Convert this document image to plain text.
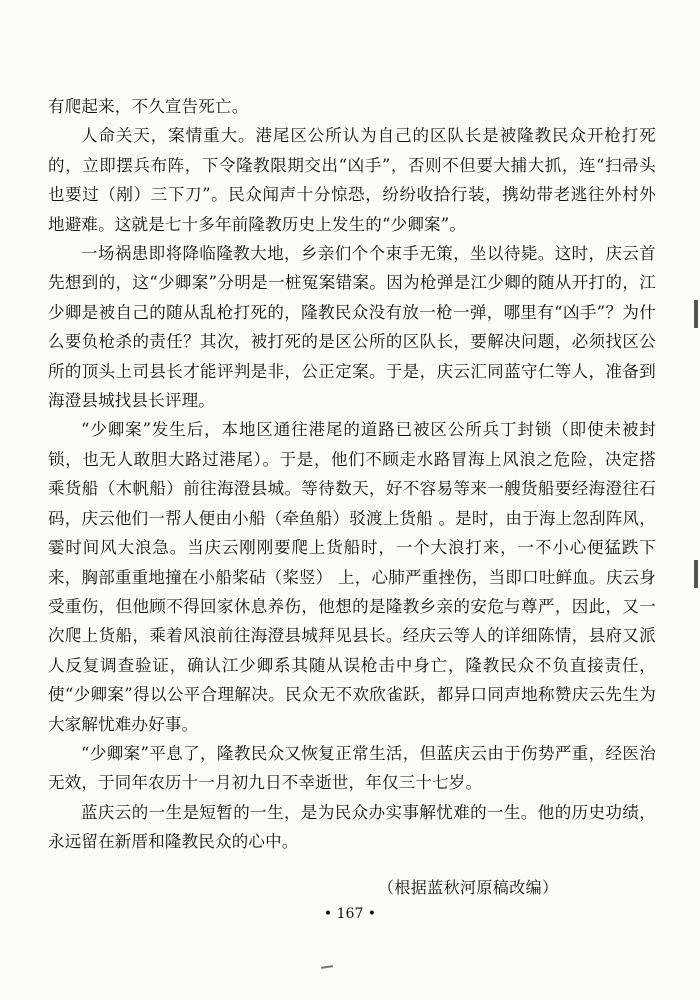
有爬起来，不久宣告死亡。

人命关天，案情重大。港尾区公所认为自己的区队长是被隆教民众开枪打死的，立即摆兵布阵，下令隆教限期交出“凶手”，否则不但要大捕大抓，连“扫帚头也要过（剐）三下刀”。民众闻声十分惊恐，纷纷收拾行装，携幼带老逃往外村外地避难。这就是七十多年前隆教历史上发生的“少卿案”。

一场祸患即将降临隆教大地，乡亲们个个束手无策，坐以待毙。这时，庆云首先想到的，这“少卿案”分明是一桩冤案错案。因为枪弹是江少卿的随从开打的，江少卿是被自己的随从乱枪打死的，隆教民众没有放一枪一弹，哪里有“凶手”？为什么要负枪杀的责任？其次，被打死的是区公所的区队长，要解决问题，必须找区公所的顶头上司县长才能评判是非，公正定案。于是，庆云汇同蓝守仁等人，准备到海澄县城找县长评理。

“少卿案”发生后，本地区通往港尾的道路已被区公所兵丁封锁（即使未被封锁，也无人敢胆大路过港尾）。于是，他们不顾走水路冒海上风浪之危险，决定搭乘货船（木帆船）前往海澄县城。等待数天，好不容易等来一艘货船要经海澄往石码，庆云他们一帮人便由小船（牵鱼船）驳渡上货船 。是时，由于海上忽刮阵风，霎时间风大浪急。当庆云刚刚要爬上货船时，一个大浪打来，一不小心便猛跌下来，胸部重重地撞在小船桨砧（桨竖） 上，心肺严重挫伤，当即口吐鲜血。庆云身受重伤，但他顾不得回家休息养伤，他想的是隆教乡亲的安危与尊严，因此，又一次爬上货船，乘着风浪前往海澄县城拜见县长。经庆云等人的详细陈情，县府又派人反复调查验证，确认江少卿系其随从误枪击中身亡，隆教民众不负直接责任，使“少卿案”得以公平合理解决。民众无不欢欣雀跃，都异口同声地称赞庆云先生为大家解忧难办好事。

“少卿案”平息了，隆教民众又恢复正常生活，但蓝庆云由于伤势严重，经医治无效，于同年农历十一月初九日不幸逝世，年仅三十七岁。

蓝庆云的一生是短暂的一生，是为民众办实事解忧难的一生。他的历史功绩，永远留在新厝和隆教民众的心中。

（根据蓝秋河原稿改编）
• 167 •
